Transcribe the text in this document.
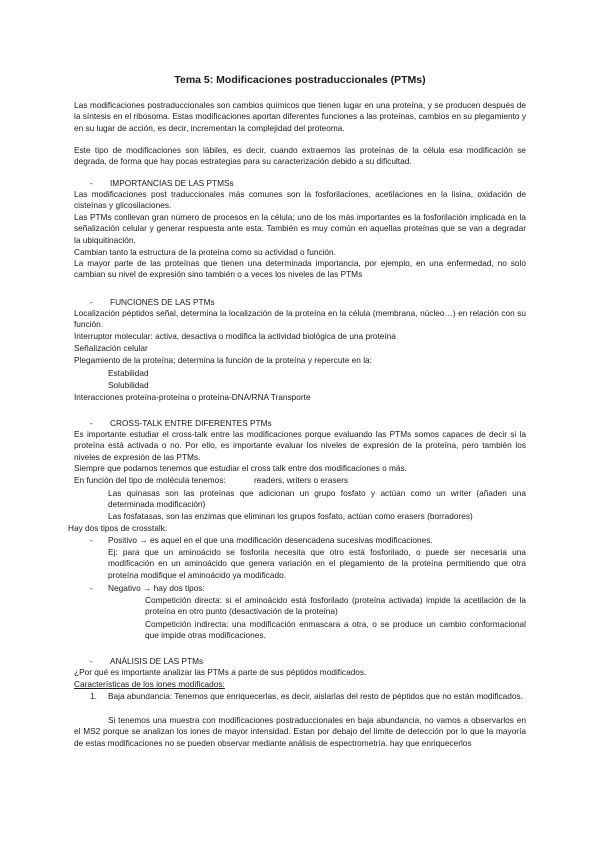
Tema 5: Modificaciones postraduccionales (PTMs)

Las modificaciones postraduccionales son cambios químicos que tienen lugar en una proteína, y se producen después de la síntesis en el ribosoma. Estas modificaciones aportan diferentes funciones a las proteínas, cambios en su plegamiento y en su lugar de acción, es decir, incrementan la complejidad del proteoma.

Este tipo de modificaciones son lábiles, es decir, cuando extraemos las proteínas de la célula esa modificación se degrada, de forma que hay pocas estrategias para su caracterización debido a su dificultad.

- IMPORTANCIAS DE LAS PTMSs

Las modificaciones post traduccionales más comunes son la fosforilaciones, acetilaciones en la lisina, oxidación de cisteínas y glicosilaciones.

Las PTMs conllevan gran número de procesos en la célula; uno de los más importantes es la fosforilación implicada en la señalización celular y generar respuesta ante esta. También es muy común en aquellas proteínas que se van a degradar la ubiquitinación.

Cambian tanto la estructura de la proteína como su actividad o función.

La mayor parte de las proteínas que tienen una determinada importancia, por ejemplo, en una enfermedad, no solo cambian su nivel de expresión sino también o a veces los niveles de las PTMs

- FUNCIONES DE LAS PTMs

Localización péptidos señal, determina la localización de la proteína en la célula (membrana, núcleo…) en relación con su función.

Interruptor molecular: activa, desactiva o modifica la actividad biológica de una proteína

Señalización celular

Plegamiento de la proteína; determina la función de la proteína y repercute en la:

Estabilidad
Solubilidad
Interacciones proteína-proteína o proteína-DNA/RNA Transporte
- CROSS-TALK ENTRE DIFERENTES PTMs

Es importante estudiar el cross-talk entre las modificaciones porque evaluando las PTMs somos capaces de decir si la proteína está activada o no. Por ello, es importante evaluar los niveles de expresión de la proteína, pero también los niveles de expresión de las PTMs.

Siempre que podamos tenemos que estudiar el cross talk entre dos modificaciones o más.

En función del tipo de molécula tenemos:	readers, writers o erasers

Las quinasas son las proteínas que adicionan un grupo fosfato y actúan como un writer (añaden una determinada modificación)

Las fosfatasas, son las enzimas que eliminan los grupos fosfato, actúan como erasers (borradores)

Hay dos tipos de crosstalk:
- Positivo → es aquel en el que una modificación desencadena sucesivas modificaciones.

Ej: para que un aminoácido se fosforila necesita que otro está fosforilado, o puede ser necesaria una modificación en un aminoácido que genera variación en el plegamiento de la proteína permitiendo que otra proteína modifique el aminoácido ya modificado.

- Negativo → hay dos tipos:

Competición directa: si el aminoácido está fosforilado (proteína activada) impide la acetilación de la proteína en otro punto (desactivación de la proteína)

Competición indirecta: una modificación enmascara a otra, o se produce un cambio conformacional que impide otras modificaciones.

- ANÁLISIS DE LAS PTMs
¿Por qué es importante analizar las PTMs a parte de sus péptidos modificados.
Características de los iones modificados:
1. Baja abundancia: Tenemos que enriquecerlas, es decir, aislarlas del resto de péptidos que no están modificados.

Si tenemos una muestra con modificaciones postraduccionales en baja abundancia, no vamos a observarlos en el MS2 porque se analizan los iones de mayor intensidad. Estan por debajo del limite de detección por lo que la mayoría de estas modificaciones no se pueden observar mediante análisis de espectrometría. hay que enriquecerlos
